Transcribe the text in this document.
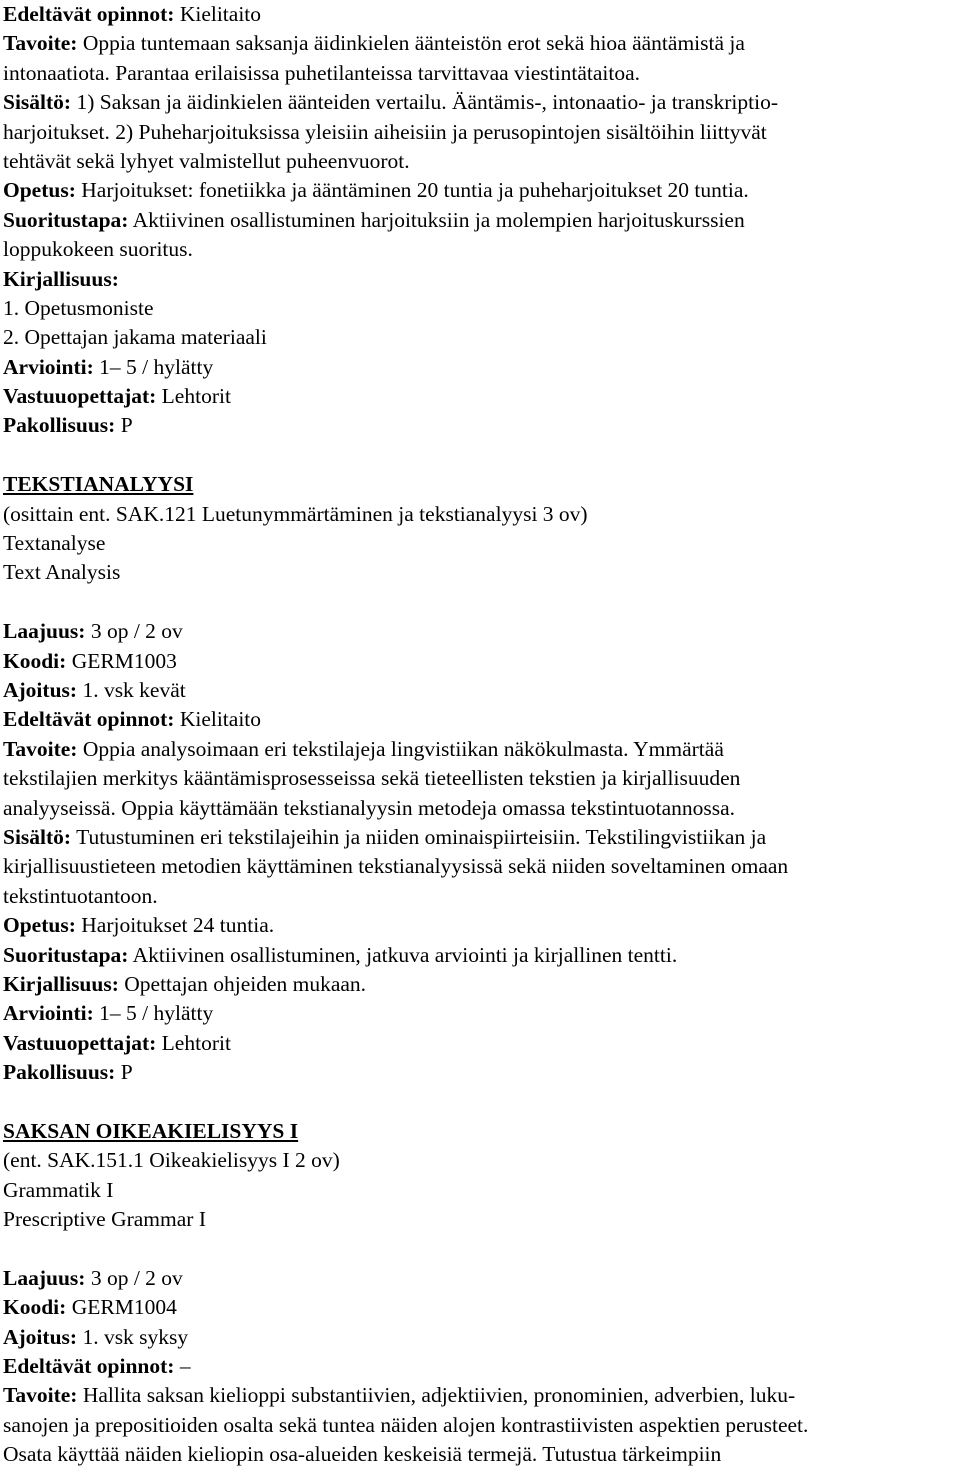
Edeltävät opinnot: Kielitaito
Tavoite: Oppia tuntemaan saksanja äidinkielen äänteistön erot sekä hioa ääntämistä ja
intonaatiota. Parantaa erilaisissa puhetilanteissa tarvittavaa viestintätaitoa.
Sisältö: 1) Saksan ja äidinkielen äänteiden vertailu. Ääntämis-, intonaatio- ja transkriptio-
harjoitukset. 2) Puheharjoituksissa yleisiin aiheisiin ja perusopintojen sisältöihin liittyvät
tehtävät sekä lyhyet valmistellut puheenvuorot.
Opetus: Harjoitukset: fonetiikka ja ääntäminen 20 tuntia ja puheharjoitukset 20 tuntia.
Suoritustapa: Aktiivinen osallistuminen harjoituksiin ja molempien harjoituskurssien
loppukokeen suoritus.
Kirjallisuus:
1. Opetusmoniste
2. Opettajan jakama materiaali
Arviointi: 1– 5 / hylätty
Vastuuopettajat: Lehtorit
Pakollisuus: P
TEKSTIANALYYSI
(osittain ent. SAK.121 Luetunymmärtäminen ja tekstianalyysi 3 ov)
Textanalyse
Text Analysis
Laajuus: 3 op / 2 ov
Koodi: GERM1003
Ajoitus: 1. vsk kevät
Edeltävät opinnot: Kielitaito
Tavoite: Oppia analysoimaan eri tekstilajeja lingvistiikan näkökulmasta. Ymmärtää
tekstilajien merkitys kääntämisprosesseissa sekä tieteellisten tekstien ja kirjallisuuden
analyyseissä. Oppia käyttämään tekstianalyysin metodeja omassa tekstintuotannossa.
Sisältö: Tutustuminen eri tekstilajeihin ja niiden ominaispiirteisiin. Tekstilingvistiikan ja
kirjallisuustieteen metodien käyttäminen tekstianalyysissä sekä niiden soveltaminen omaan
tekstintuotantoon.
Opetus: Harjoitukset 24 tuntia.
Suoritustapa: Aktiivinen osallistuminen, jatkuva arviointi ja kirjallinen tentti.
Kirjallisuus: Opettajan ohjeiden mukaan.
Arviointi: 1– 5 / hylätty
Vastuuopettajat: Lehtorit
Pakollisuus: P
SAKSAN OIKEAKIELISYYS I
(ent. SAK.151.1 Oikeakielisyys I 2 ov)
Grammatik I
Prescriptive Grammar I
Laajuus: 3 op / 2 ov
Koodi: GERM1004
Ajoitus: 1. vsk syksy
Edeltävät opinnot: –
Tavoite: Hallita saksan kielioppi substantiivien, adjektiivien, pronominien, adverbien, luku-
sanojen ja prepositioiden osalta sekä tuntea näiden alojen kontrastiivisten aspektien perusteet.
Osata käyttää näiden kieliopin osa-alueiden keskeisiä termejä. Tutustua tärkeimpiin
